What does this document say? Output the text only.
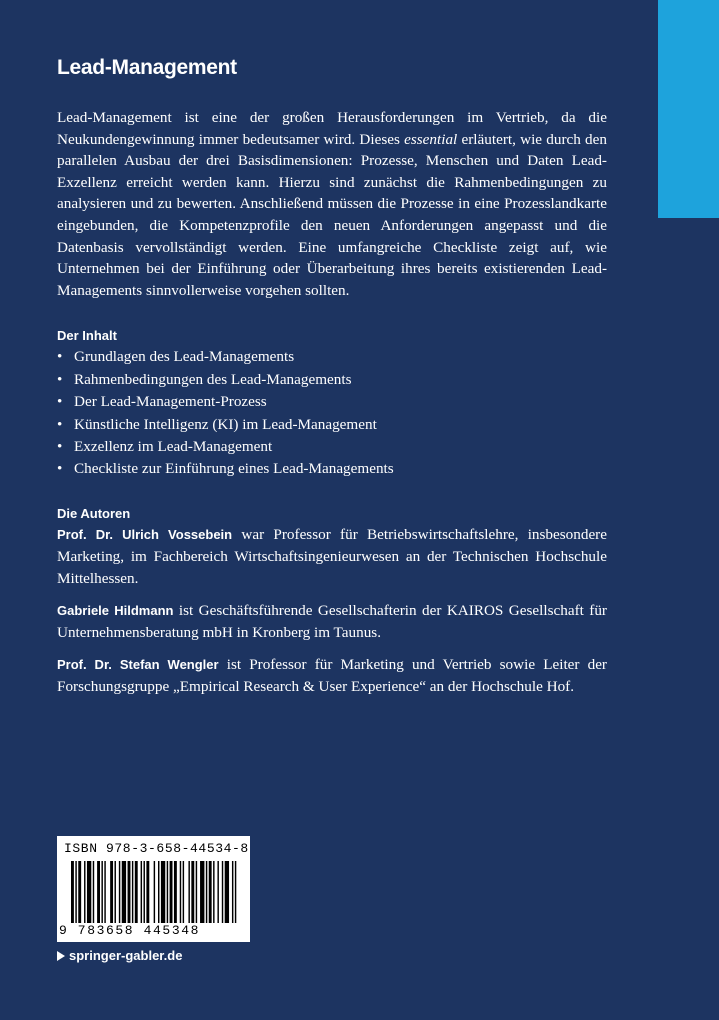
Lead-Management

Lead-Management ist eine der großen Herausforderungen im Vertrieb, da die Neukundengewinnung immer bedeutsamer wird. Dieses essential erläutert, wie durch den parallelen Ausbau der drei Basisdimensionen: Prozesse, Menschen und Daten Lead-Exzellenz erreicht werden kann. Hierzu sind zunächst die Rahmenbedingungen zu analysieren und zu bewerten. Anschließend müssen die Prozesse in eine Prozesslandkarte eingebunden, die Kompetenzprofile den neuen Anforderungen angepasst und die Datenbasis vervollständigt werden. Eine umfangreiche Checkliste zeigt auf, wie Unternehmen bei der Einführung oder Überarbeitung ihres bereits existierenden Lead-Managements sinnvollerweise vorgehen sollten.

Der Inhalt
• Grundlagen des Lead-Managements
• Rahmenbedingungen des Lead-Managements
• Der Lead-Management-Prozess
• Künstliche Intelligenz (KI) im Lead-Management
• Exzellenz im Lead-Management
• Checkliste zur Einführung eines Lead-Managements
Die Autoren

Prof. Dr. Ulrich Vossebein war Professor für Betriebswirtschaftslehre, insbesondere Marketing, im Fachbereich Wirtschaftsingenieurwesen an der Technischen Hochschule Mittelhessen.

Gabriele Hildmann ist Geschäftsführende Gesellschafterin der KAIROS Gesellschaft für Unternehmensberatung mbH in Kronberg im Taunus.

Prof. Dr. Stefan Wengler ist Professor für Marketing und Vertrieb sowie Leiter der Forschungsgruppe „Empirical Research & User Experience“ an der Hochschule Hof.

ISBN 978-3-658-44534-8
9 783658 445348
springer-gabler.de
